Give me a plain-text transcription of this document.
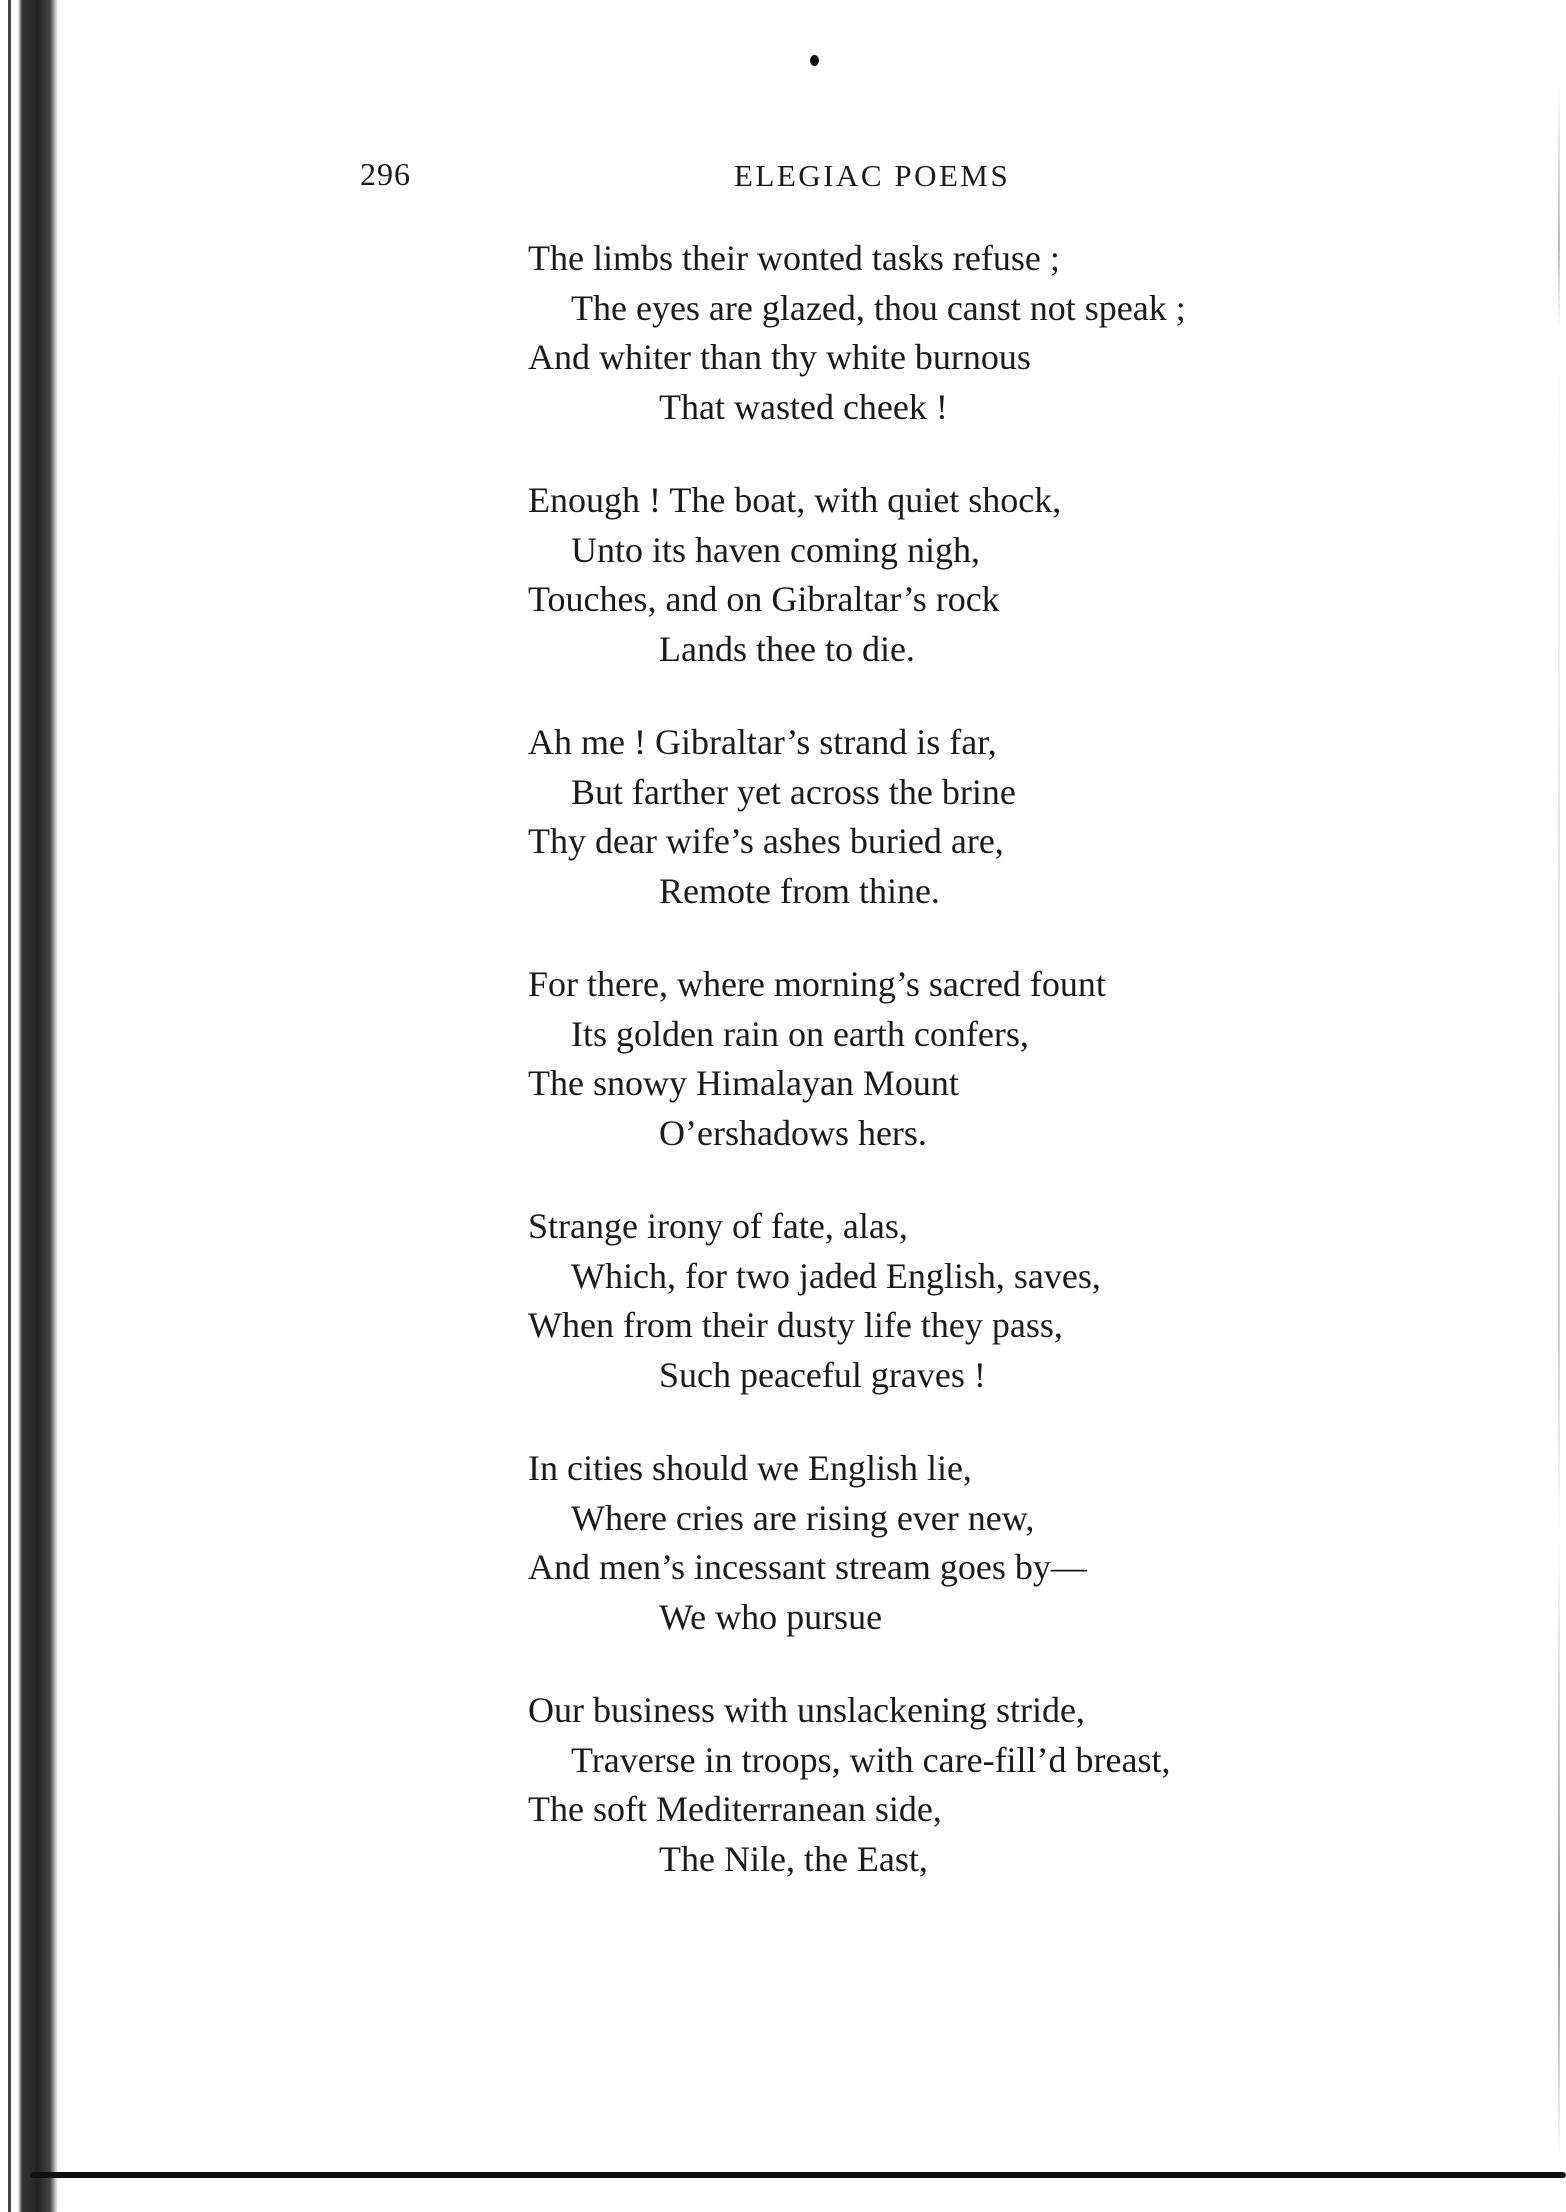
296	ELEGIAC POEMS
The limbs their wonted tasks refuse ;
The eyes are glazed, thou canst not speak ;
And whiter than thy white burnous
That wasted cheek !
Enough ! The boat, with quiet shock,
Unto its haven coming nigh,
Touches, and on Gibraltar’s rock
Lands thee to die.
Ah me ! Gibraltar’s strand is far,
But farther yet across the brine
Thy dear wife’s ashes buried are,
Remote from thine.
For there, where morning’s sacred fount
Its golden rain on earth confers,
The snowy Himalayan Mount
O’ershadows hers.
Strange irony of fate, alas,
Which, for two jaded English, saves,
When from their dusty life they pass,
Such peaceful graves !
In cities should we English lie,
Where cries are rising ever new,
And men’s incessant stream goes by—
We who pursue
Our business with unslackening stride,
Traverse in troops, with care-fill’d breast,
The soft Mediterranean side,
The Nile, the East,
